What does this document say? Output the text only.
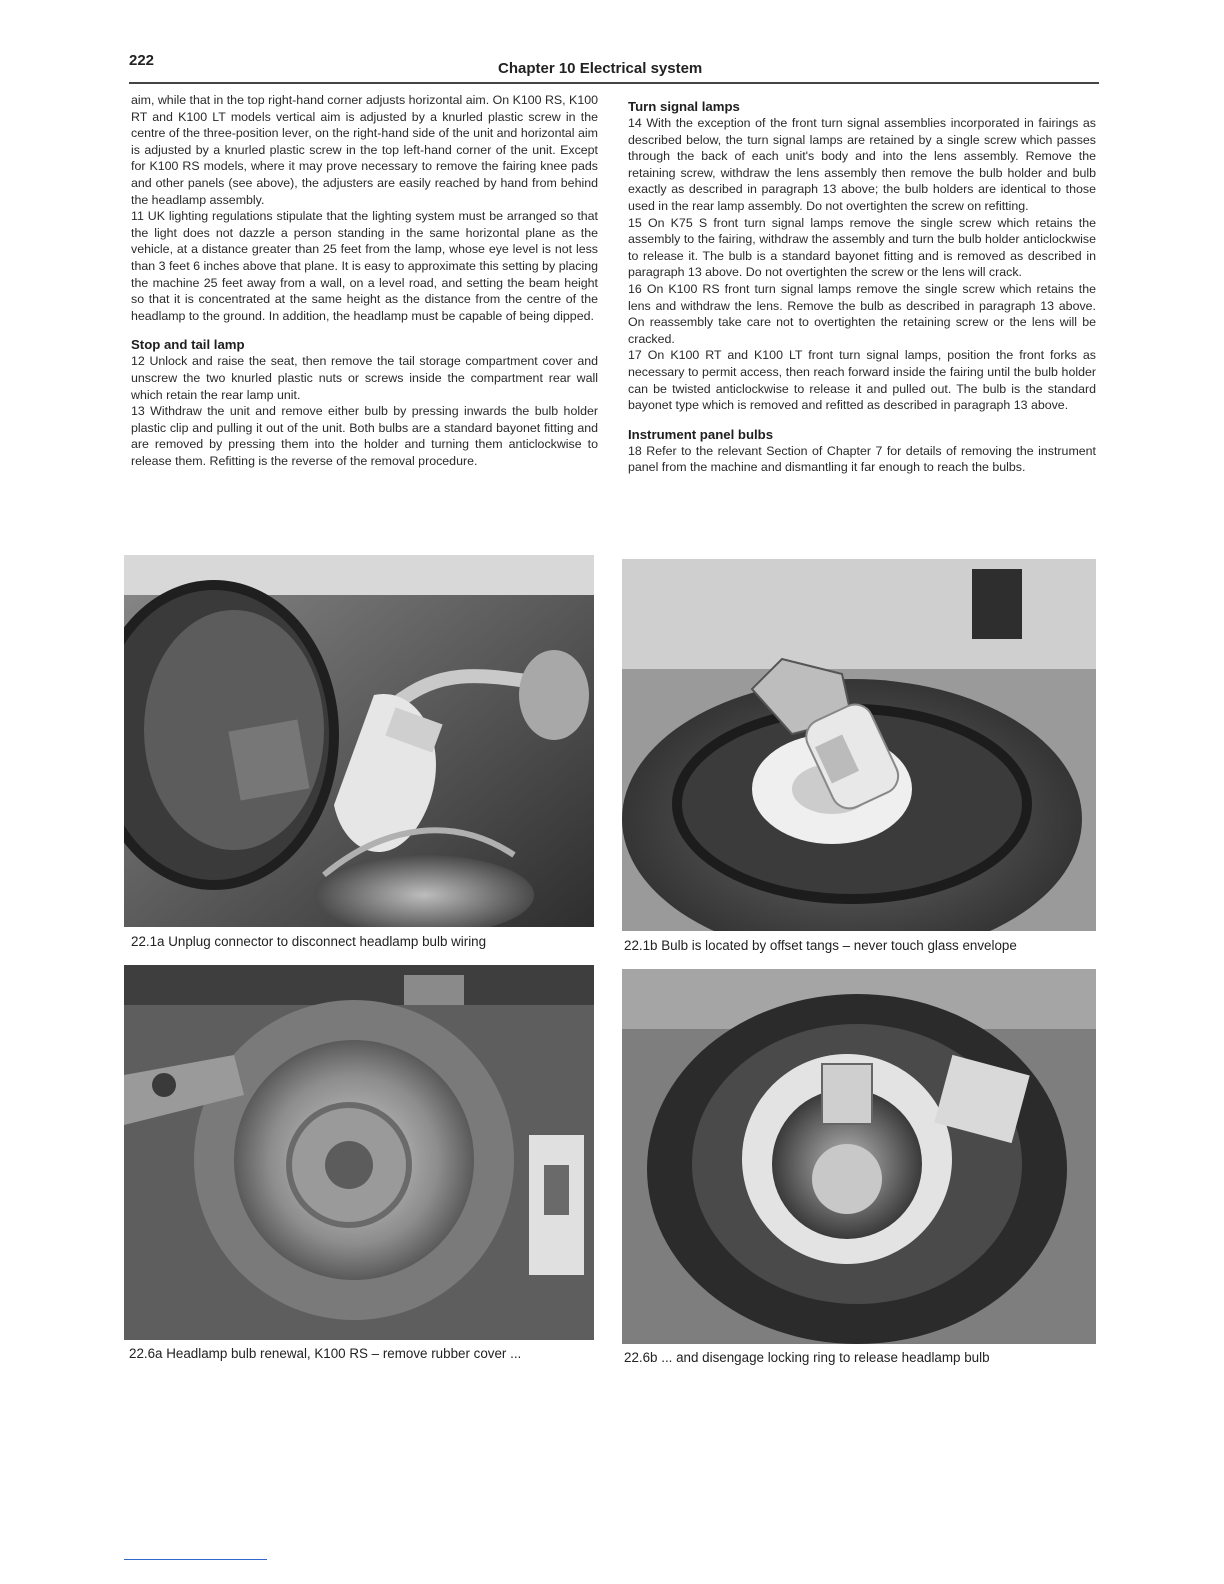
222	Chapter 10 Electrical system

aim, while that in the top right-hand corner adjusts horizontal aim. On K100 RS, K100 RT and K100 LT models vertical aim is adjusted by a knurled plastic screw in the centre of the three-position lever, on the right-hand side of the unit and horizontal aim is adjusted by a knurled plastic screw in the top left-hand corner of the unit. Except for K100 RS models, where it may prove necessary to remove the fairing knee pads and other panels (see above), the adjusters are easily reached by hand from behind the headlamp assembly.

11 UK lighting regulations stipulate that the lighting system must be arranged so that the light does not dazzle a person standing in the same horizontal plane as the vehicle, at a distance greater than 25 feet from the lamp, whose eye level is not less than 3 feet 6 inches above that plane. It is easy to approximate this setting by placing the machine 25 feet away from a wall, on a level road, and setting the beam height so that it is concentrated at the same height as the distance from the centre of the headlamp to the ground. In addition, the headlamp must be capable of being dipped.

Stop and tail lamp

12 Unlock and raise the seat, then remove the tail storage compartment cover and unscrew the two knurled plastic nuts or screws inside the compartment rear wall which retain the rear lamp unit.

13 Withdraw the unit and remove either bulb by pressing inwards the bulb holder plastic clip and pulling it out of the unit. Both bulbs are a standard bayonet fitting and are removed by pressing them into the holder and turning them anticlockwise to release them. Refitting is the reverse of the removal procedure.

Turn signal lamps

14 With the exception of the front turn signal assemblies incorporated in fairings as described below, the turn signal lamps are retained by a single screw which passes through the back of each unit's body and into the lens assembly. Remove the retaining screw, withdraw the lens assembly then remove the bulb holder and bulb exactly as described in paragraph 13 above; the bulb holders are identical to those used in the rear lamp assembly. Do not overtighten the screw on refitting.

15 On K75 S front turn signal lamps remove the single screw which retains the assembly to the fairing, withdraw the assembly and turn the bulb holder anticlockwise to release it. The bulb is a standard bayonet fitting and is removed as described in paragraph 13 above. Do not overtighten the screw or the lens will crack.

16 On K100 RS front turn signal lamps remove the single screw which retains the lens and withdraw the lens. Remove the bulb as described in paragraph 13 above. On reassembly take care not to overtighten the retaining screw or the lens will be cracked.

17 On K100 RT and K100 LT front turn signal lamps, position the front forks as necessary to permit access, then reach forward inside the fairing until the bulb holder can be twisted anticlockwise to release it and pulled out. The bulb is the standard bayonet type which is removed and refitted as described in paragraph 13 above.

Instrument panel bulbs

18 Refer to the relevant Section of Chapter 7 for details of removing the instrument panel from the machine and dismantling it far enough to reach the bulbs.

22.1a Unplug connector to disconnect headlamp bulb wiring	22.1b Bulb is located by offset tangs – never touch glass envelope
22.6a Headlamp bulb renewal, K100 RS – remove rubber cover ...	22.6b ... and disengage locking ring to release headlamp bulb
